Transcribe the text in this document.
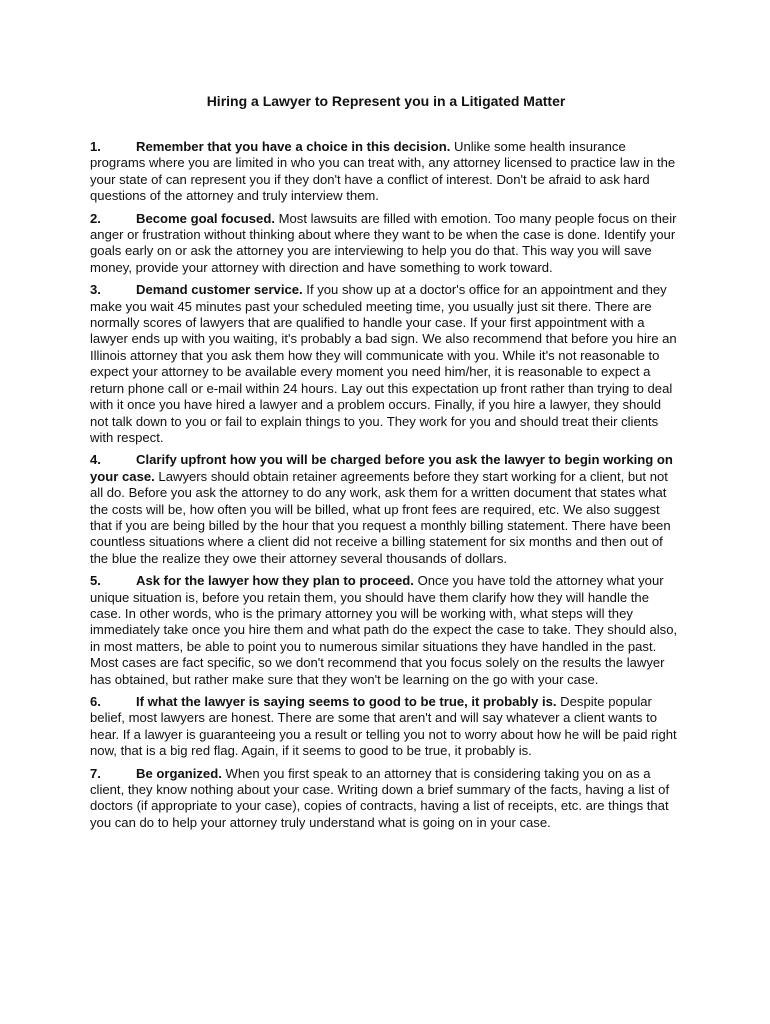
Hiring a Lawyer to Represent you in a Litigated Matter
1.	Remember that you have a choice in this decision. Unlike some health insurance programs where you are limited in who you can treat with, any attorney licensed to practice law in the your state of can represent you if they don't have a conflict of interest. Don't be afraid to ask hard questions of the attorney and truly interview them.
2.	Become goal focused. Most lawsuits are filled with emotion. Too many people focus on their anger or frustration without thinking about where they want to be when the case is done. Identify your goals early on or ask the attorney you are interviewing to help you do that. This way you will save money, provide your attorney with direction and have something to work toward.
3.	Demand customer service. If you show up at a doctor's office for an appointment and they make you wait 45 minutes past your scheduled meeting time, you usually just sit there. There are normally scores of lawyers that are qualified to handle your case. If your first appointment with a lawyer ends up with you waiting, it's probably a bad sign. We also recommend that before you hire an Illinois attorney that you ask them how they will communicate with you. While it's not reasonable to expect your attorney to be available every moment you need him/her, it is reasonable to expect a return phone call or e-mail within 24 hours. Lay out this expectation up front rather than trying to deal with it once you have hired a lawyer and a problem occurs. Finally, if you hire a lawyer, they should not talk down to you or fail to explain things to you. They work for you and should treat their clients with respect.
4.	Clarify upfront how you will be charged before you ask the lawyer to begin working on your case. Lawyers should obtain retainer agreements before they start working for a client, but not all do. Before you ask the attorney to do any work, ask them for a written document that states what the costs will be, how often you will be billed, what up front fees are required, etc. We also suggest that if you are being billed by the hour that you request a monthly billing statement. There have been countless situations where a client did not receive a billing statement for six months and then out of the blue the realize they owe their attorney several thousands of dollars.
5.	Ask for the lawyer how they plan to proceed. Once you have told the attorney what your unique situation is, before you retain them, you should have them clarify how they will handle the case. In other words, who is the primary attorney you will be working with, what steps will they immediately take once you hire them and what path do the expect the case to take. They should also, in most matters, be able to point you to numerous similar situations they have handled in the past. Most cases are fact specific, so we don't recommend that you focus solely on the results the lawyer has obtained, but rather make sure that they won't be learning on the go with your case.
6.	If what the lawyer is saying seems to good to be true, it probably is. Despite popular belief, most lawyers are honest. There are some that aren't and will say whatever a client wants to hear. If a lawyer is guaranteeing you a result or telling you not to worry about how he will be paid right now, that is a big red flag. Again, if it seems to good to be true, it probably is.
7.	Be organized. When you first speak to an attorney that is considering taking you on as a client, they know nothing about your case. Writing down a brief summary of the facts, having a list of doctors (if appropriate to your case), copies of contracts, having a list of receipts, etc. are things that you can do to help your attorney truly understand what is going on in your case.
